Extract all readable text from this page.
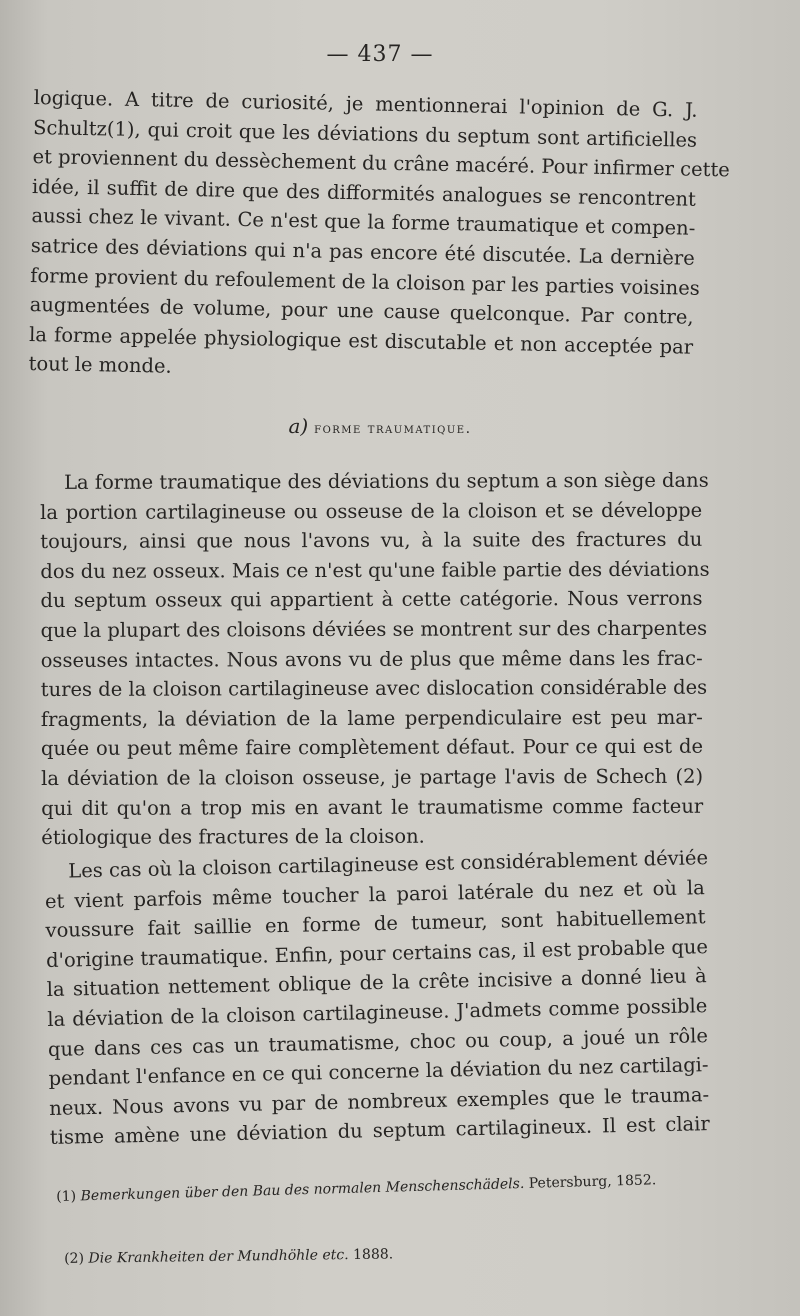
— 437 —

logique. A titre de curiosité, je mentionnerai l'opinion de G. J.
Schultz(1), qui croit que les déviations du septum sont artificielles
et proviennent du dessèchement du crâne macéré. Pour infirmer cette
idée, il suffit de dire que des difformités analogues se rencontrent
aussi chez le vivant. Ce n'est que la forme traumatique et compen-
satrice des déviations qui n'a pas encore été discutée. La dernière
forme provient du refoulement de la cloison par les parties voisines
augmentées de volume, pour une cause quelconque. Par contre,
la forme appelée physiologique est discutable et non acceptée par
tout le monde.

a) forme traumatique.

La forme traumatique des déviations du septum a son siège dans
la portion cartilagineuse ou osseuse de la cloison et se développe
toujours, ainsi que nous l'avons vu, à la suite des fractures du
dos du nez osseux. Mais ce n'est qu'une faible partie des déviations
du septum osseux qui appartient à cette catégorie. Nous verrons
que la plupart des cloisons déviées se montrent sur des charpentes
osseuses intactes. Nous avons vu de plus que même dans les frac-
tures de la cloison cartilagineuse avec dislocation considérable des
fragments, la déviation de la lame perpendiculaire est peu mar-
quée ou peut même faire complètement défaut. Pour ce qui est de
la déviation de la cloison osseuse, je partage l'avis de Schech (2)
qui dit qu'on a trop mis en avant le traumatisme comme facteur
étiologique des fractures de la cloison.

Les cas où la cloison cartilagineuse est considérablement déviée
et vient parfois même toucher la paroi latérale du nez et où la
voussure fait saillie en forme de tumeur, sont habituellement
d'origine traumatique. Enfin, pour certains cas, il est probable que
la situation nettement oblique de la crête incisive a donné lieu à
la déviation de la cloison cartilagineuse. J'admets comme possible
que dans ces cas un traumatisme, choc ou coup, a joué un rôle
pendant l'enfance en ce qui concerne la déviation du nez cartilagi-
neux. Nous avons vu par de nombreux exemples que le trauma-
tisme amène une déviation du septum cartilagineux. Il est clair

(1) Bemerkungen über den Bau des normalen Menschenschädels. Petersburg, 1852.

(2) Die Krankheiten der Mundhöhle etc. 1888.
